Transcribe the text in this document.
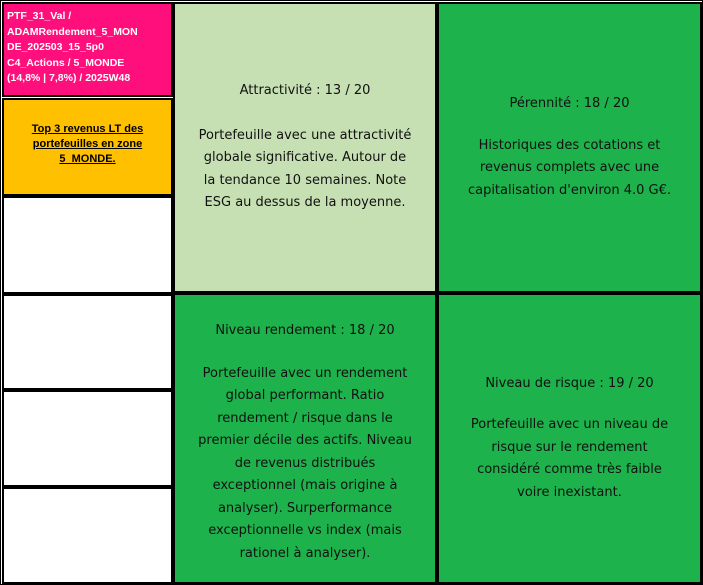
PTF_31_Val /
ADAMRendement_5_MON
DE_202503_15_5p0
C4_Actions / 5_MONDE
(14,8% | 7,8%) / 2025W48
Top 3 revenus LT des
portefeuilles en zone
5_MONDE.
Attractivité : 13 / 20
Portefeuille avec une attractivité
globale significative. Autour de
la tendance 10 semaines. Note
ESG au dessus de la moyenne.
Pérennité : 18 / 20
Historiques des cotations et
revenus complets avec une
capitalisation d'environ 4.0 G€.
Niveau rendement : 18 / 20
Portefeuille avec un rendement
global performant. Ratio
rendement / risque dans le
premier décile des actifs. Niveau
de revenus distribués
exceptionnel (mais origine à
analyser). Surperformance
exceptionnelle vs index (mais
rationel à analyser).
Niveau de risque : 19 / 20
Portefeuille avec un niveau de
risque sur le rendement
considéré comme très faible
voire inexistant.
